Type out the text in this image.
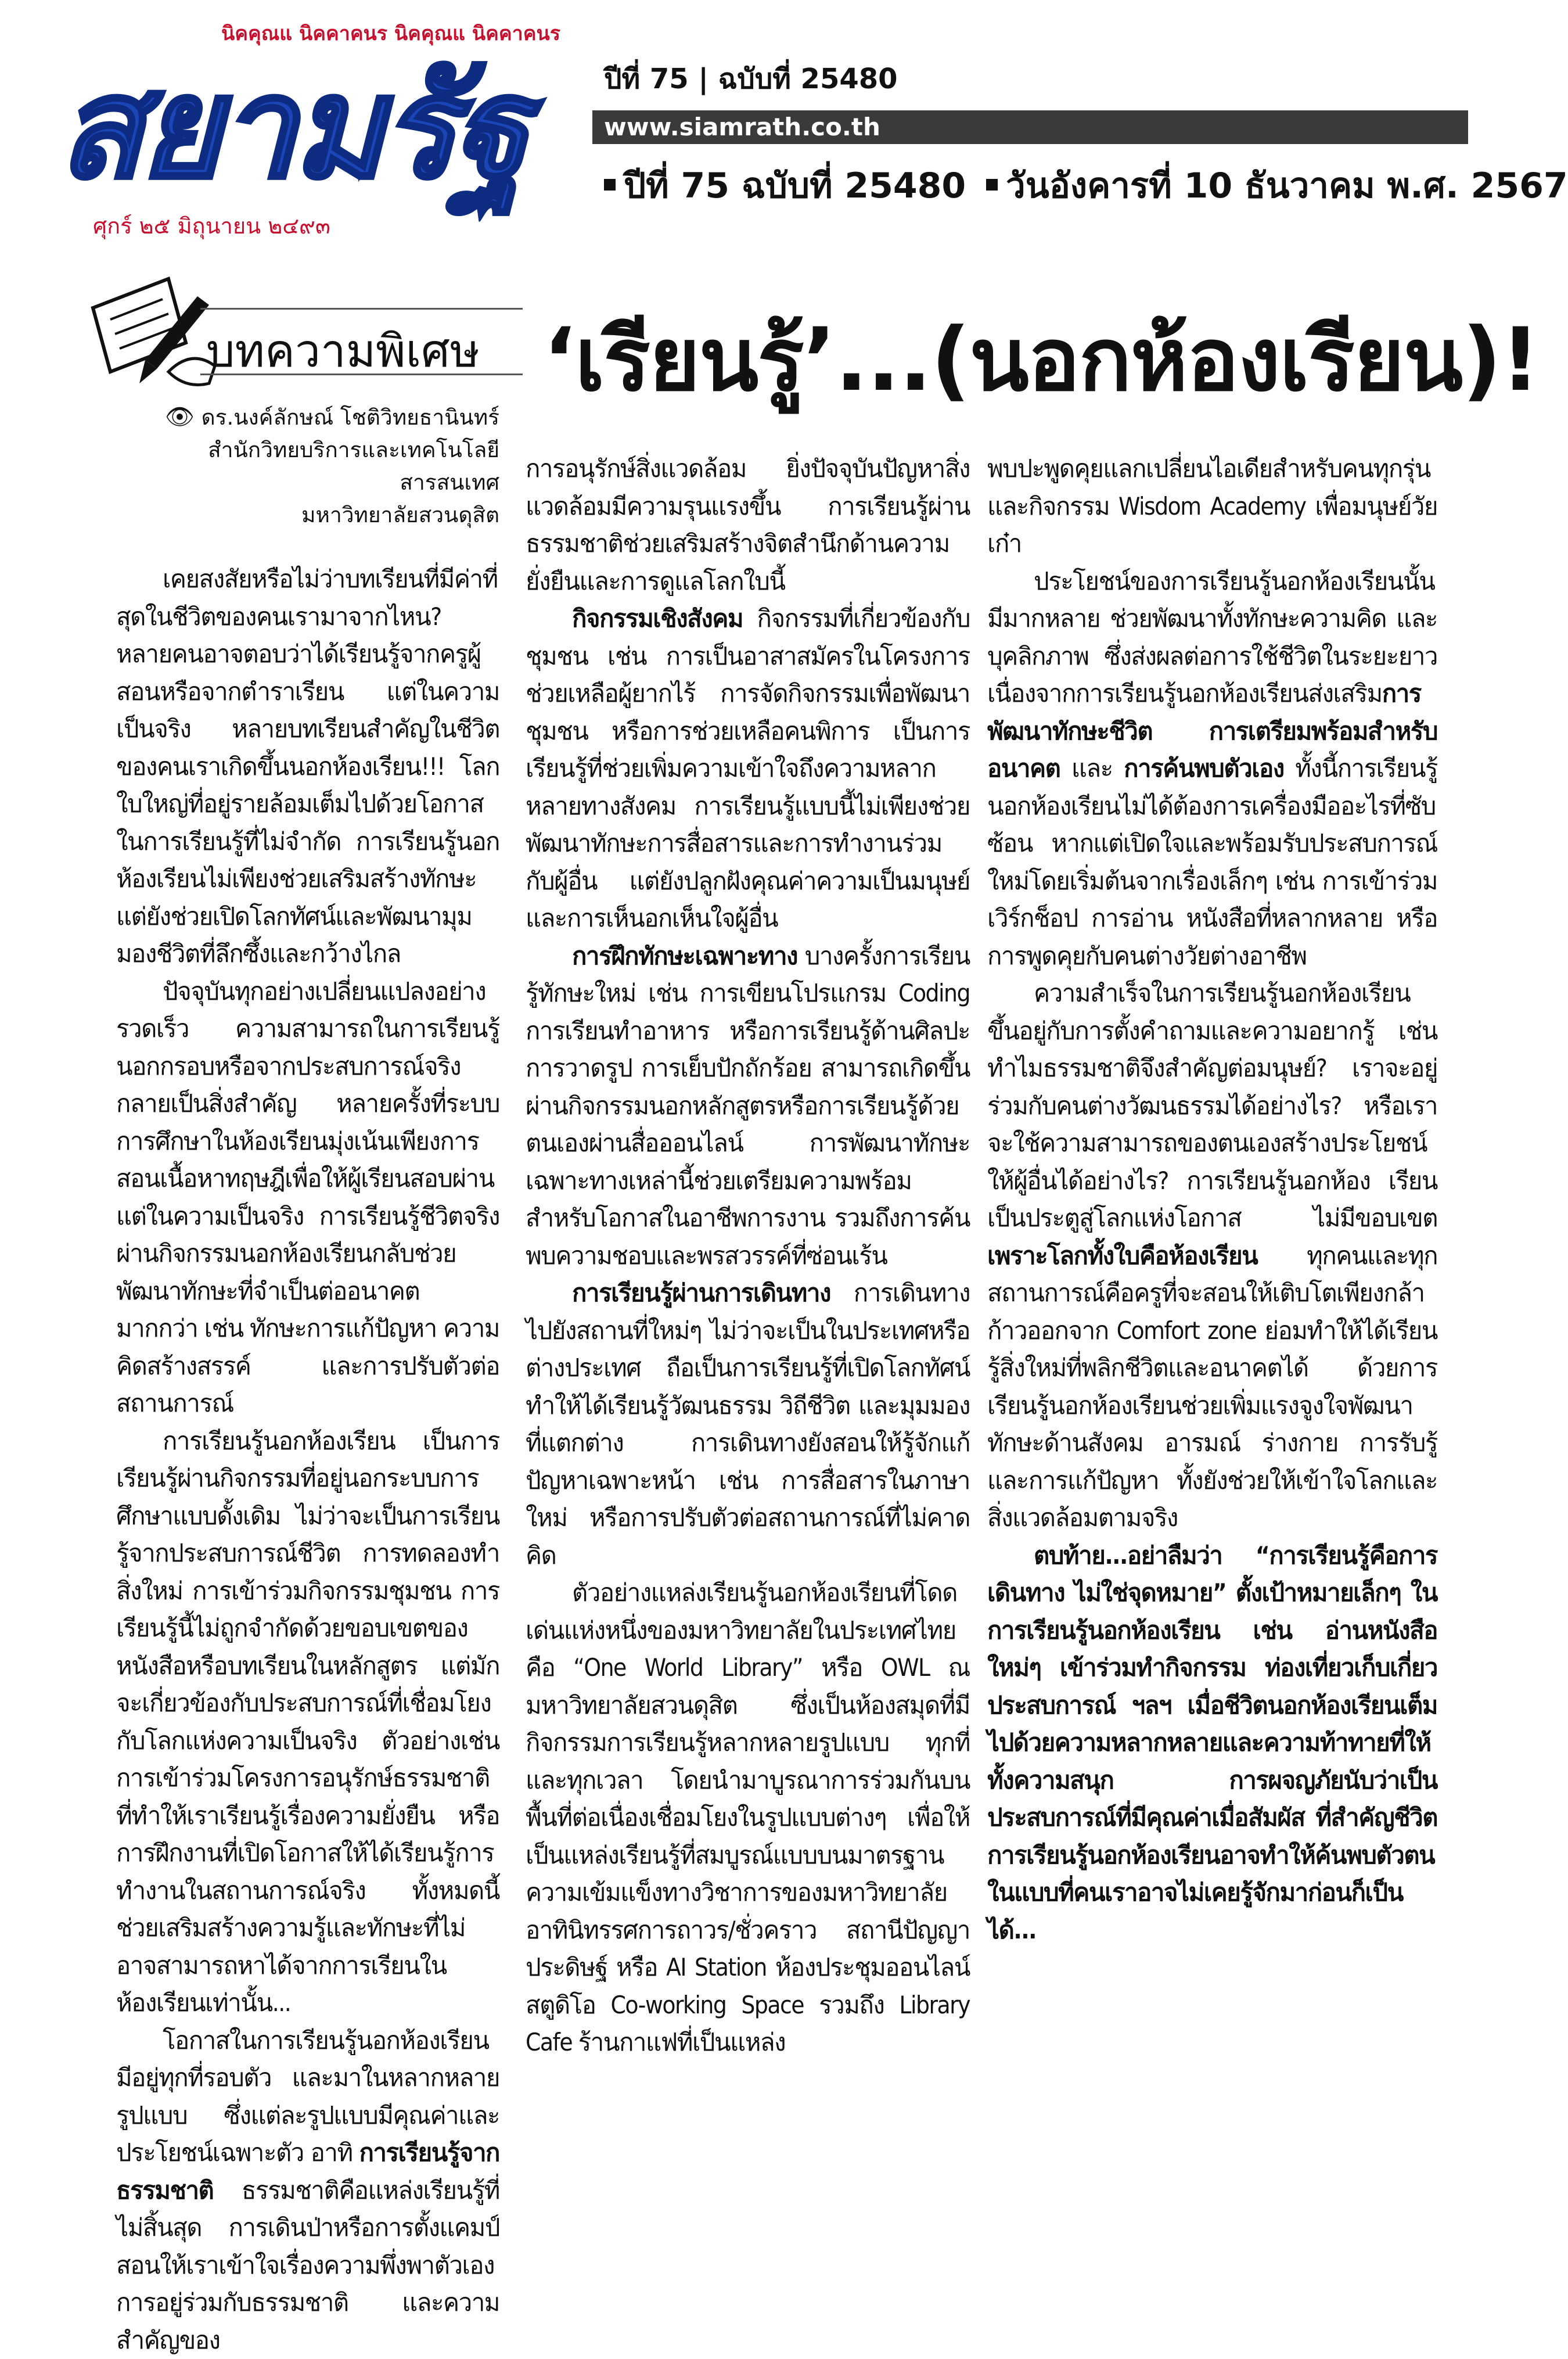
นิคคุณแ นิคคาคนร นิคคุณแ นิคคาคนร
สยามรัฐ
ศุกร์ ๒๕ มิถุนายน ๒๔๙๓
ปีที่ 75 | ฉบับที่ 25480
www.siamrath.co.th
ปีที่ 75 ฉบับที่ 25480 วันอังคารที่ 10 ธันวาคม พ.ศ. 2567
บทความพิเศษ ‘เรียนรู้’...(นอกห้องเรียน)!
👁 ดร.นงค์ลักษณ์ โชติวิทยธานินทร์
สำนักวิทยบริการและเทคโนโลยีสารสนเทศ
มหาวิทยาลัยสวนดุสิต

เคยสงสัยหรือไม่ว่าบทเรียนที่มีค่าที่สุดในชีวิตของคนเรามาจากไหน? หลายคนอาจตอบว่าได้เรียนรู้จากครูผู้สอนหรือจากตำราเรียน แต่ในความเป็นจริง หลายบทเรียนสำคัญในชีวิตของคนเราเกิดขึ้นนอกห้องเรียน!!! โลกใบใหญ่ที่อยู่รายล้อมเต็มไปด้วยโอกาสในการเรียนรู้ที่ไม่จำกัด การเรียนรู้นอกห้องเรียนไม่เพียงช่วยเสริมสร้างทักษะ แต่ยังช่วยเปิดโลกทัศน์และพัฒนามุมมองชีวิตที่ลึกซึ้งและกว้างไกล

ปัจจุบันทุกอย่างเปลี่ยนแปลงอย่างรวดเร็ว ความสามารถในการเรียนรู้นอกกรอบหรือจากประสบการณ์จริงกลายเป็นสิ่งสำคัญ หลายครั้งที่ระบบการศึกษาในห้องเรียนมุ่งเน้นเพียงการสอนเนื้อหาทฤษฎีเพื่อให้ผู้เรียนสอบผ่าน แต่ในความเป็นจริง การเรียนรู้ชีวิตจริงผ่านกิจกรรมนอกห้องเรียนกลับช่วยพัฒนาทักษะที่จำเป็นต่ออนาคตมากกว่า เช่น ทักษะการแก้ปัญหา ความคิดสร้างสรรค์ และการปรับตัวต่อสถานการณ์

การเรียนรู้นอกห้องเรียน เป็นการเรียนรู้ผ่านกิจกรรมที่อยู่นอกระบบการศึกษาแบบดั้งเดิม ไม่ว่าจะเป็นการเรียนรู้จากประสบการณ์ชีวิต การทดลองทำสิ่งใหม่ การเข้าร่วมกิจกรรมชุมชน การเรียนรู้นี้ไม่ถูกจำกัดด้วยขอบเขตของหนังสือหรือบทเรียนในหลักสูตร แต่มักจะเกี่ยวข้องกับประสบการณ์ที่เชื่อมโยงกับโลกแห่งความเป็นจริง ตัวอย่างเช่น การเข้าร่วมโครงการอนุรักษ์ธรรมชาติที่ทำให้เราเรียนรู้เรื่องความยั่งยืน หรือการฝึกงานที่เปิดโอกาสให้ได้เรียนรู้การทำงานในสถานการณ์จริง ทั้งหมดนี้ช่วยเสริมสร้างความรู้และทักษะที่ไม่อาจสามารถหาได้จากการเรียนในห้องเรียนเท่านั้น...

โอกาสในการเรียนรู้นอกห้องเรียนมีอยู่ทุกที่รอบตัว และมาในหลากหลายรูปแบบ ซึ่งแต่ละรูปแบบมีคุณค่าและประโยชน์เฉพาะตัว อาทิ การเรียนรู้จากธรรมชาติ ธรรมชาติคือแหล่งเรียนรู้ที่ไม่สิ้นสุด การเดินป่าหรือการตั้งแคมป์สอนให้เราเข้าใจเรื่องความพึ่งพาตัวเอง การอยู่ร่วมกับธรรมชาติ และความสำคัญของ

การอนุรักษ์สิ่งแวดล้อม ยิ่งปัจจุบันปัญหาสิ่งแวดล้อมมีความรุนแรงขึ้น การเรียนรู้ผ่านธรรมชาติช่วยเสริมสร้างจิตสำนึกด้านความยั่งยืนและการดูแลโลกใบนี้

กิจกรรมเชิงสังคม กิจกรรมที่เกี่ยวข้องกับชุมชน เช่น การเป็นอาสาสมัครในโครงการช่วยเหลือผู้ยากไร้ การจัดกิจกรรมเพื่อพัฒนาชุมชน หรือการช่วยเหลือคนพิการ เป็นการเรียนรู้ที่ช่วยเพิ่มความเข้าใจถึงความหลากหลายทางสังคม การเรียนรู้แบบนี้ไม่เพียงช่วยพัฒนาทักษะการสื่อสารและการทำงานร่วมกับผู้อื่น แต่ยังปลูกฝังคุณค่าความเป็นมนุษย์และการเห็นอกเห็นใจผู้อื่น

การฝึกทักษะเฉพาะทาง บางครั้งการเรียนรู้ทักษะใหม่ เช่น การเขียนโปรแกรม Coding การเรียนทำอาหาร หรือการเรียนรู้ด้านศิลปะ การวาดรูป การเย็บปักถักร้อย สามารถเกิดขึ้นผ่านกิจกรรมนอกหลักสูตรหรือการเรียนรู้ด้วยตนเองผ่านสื่อออนไลน์ การพัฒนาทักษะเฉพาะทางเหล่านี้ช่วยเตรียมความพร้อมสำหรับโอกาสในอาชีพการงาน รวมถึงการค้นพบความชอบและพรสวรรค์ที่ซ่อนเร้น

การเรียนรู้ผ่านการเดินทาง การเดินทางไปยังสถานที่ใหม่ๆ ไม่ว่าจะเป็นในประเทศหรือต่างประเทศ ถือเป็นการเรียนรู้ที่เปิดโลกทัศน์ ทำให้ได้เรียนรู้วัฒนธรรม วิถีชีวิต และมุมมองที่แตกต่าง การเดินทางยังสอนให้รู้จักแก้ปัญหาเฉพาะหน้า เช่น การสื่อสารในภาษาใหม่ หรือการปรับตัวต่อสถานการณ์ที่ไม่คาดคิด

ตัวอย่างแหล่งเรียนรู้นอกห้องเรียนที่โดดเด่นแห่งหนึ่งของมหาวิทยาลัยในประเทศไทย คือ “One World Library” หรือ OWL ณ มหาวิทยาลัยสวนดุสิต ซึ่งเป็นห้องสมุดที่มีกิจกรรมการเรียนรู้หลากหลายรูปแบบ ทุกที่และทุกเวลา โดยนำมาบูรณาการร่วมกันบนพื้นที่ต่อเนื่องเชื่อมโยงในรูปแบบต่างๆ เพื่อให้เป็นแหล่งเรียนรู้ที่สมบูรณ์แบบบนมาตรฐานความเข้มแข็งทางวิชาการของมหาวิทยาลัย อาทินิทรรศการถาวร/ชั่วคราว สถานีปัญญาประดิษฐ์ หรือ AI Station ห้องประชุมออนไลน์ สตูดิโอ Co-working Space รวมถึง Library Cafe ร้านกาแฟที่เป็นแหล่ง

พบปะพูดคุยแลกเปลี่ยนไอเดียสำหรับคนทุกรุ่น และกิจกรรม Wisdom Academy เพื่อมนุษย์วัยเก๋า

ประโยชน์ของการเรียนรู้นอกห้องเรียนนั้นมีมากหลาย ช่วยพัฒนาทั้งทักษะความคิด และบุคลิกภาพ ซึ่งส่งผลต่อการใช้ชีวิตในระยะยาว เนื่องจากการเรียนรู้นอกห้องเรียนส่งเสริมการพัฒนาทักษะชีวิต การเตรียมพร้อมสำหรับอนาคต และ การค้นพบตัวเอง ทั้งนี้การเรียนรู้นอกห้องเรียนไม่ได้ต้องการเครื่องมืออะไรที่ซับซ้อน หากแต่เปิดใจและพร้อมรับประสบการณ์ใหม่โดยเริ่มต้นจากเรื่องเล็กๆ เช่น การเข้าร่วมเวิร์กช็อป การอ่าน หนังสือที่หลากหลาย หรือการพูดคุยกับคนต่างวัยต่างอาชีพ

ความสำเร็จในการเรียนรู้นอกห้องเรียนขึ้นอยู่กับการตั้งคำถามและความอยากรู้ เช่น ทำไมธรรมชาติจึงสำคัญต่อมนุษย์? เราจะอยู่ร่วมกับคนต่างวัฒนธรรมได้อย่างไร? หรือเราจะใช้ความสามารถของตนเองสร้างประโยชน์ให้ผู้อื่นได้อย่างไร? การเรียนรู้นอกห้อง เรียนเป็นประตูสู่โลกแห่งโอกาส ไม่มีขอบเขต เพราะโลกทั้งใบคือห้องเรียน ทุกคนและทุกสถานการณ์คือครูที่จะสอนให้เติบโตเพียงกล้าก้าวออกจาก Comfort zone ย่อมทำให้ได้เรียนรู้สิ่งใหม่ที่พลิกชีวิตและอนาคตได้ ด้วยการเรียนรู้นอกห้องเรียนช่วยเพิ่มแรงจูงใจพัฒนาทักษะด้านสังคม อารมณ์ ร่างกาย การรับรู้ และการแก้ปัญหา ทั้งยังช่วยให้เข้าใจโลกและสิ่งแวดล้อมตามจริง

ตบท้าย...อย่าลืมว่า “การเรียนรู้คือการเดินทาง ไม่ใช่จุดหมาย” ตั้งเป้าหมายเล็กๆ ในการเรียนรู้นอกห้องเรียน เช่น อ่านหนังสือใหม่ๆ เข้าร่วมทำกิจกรรม ท่องเที่ยวเก็บเกี่ยวประสบการณ์ ฯลฯ เมื่อชีวิตนอกห้องเรียนเต็มไปด้วยความหลากหลายและความท้าทายที่ให้ทั้งความสนุก การผจญภัยนับว่าเป็นประสบการณ์ที่มีคุณค่าเมื่อสัมผัส ที่สำคัญชีวิตการเรียนรู้นอกห้องเรียนอาจทำให้ค้นพบตัวตนในแบบที่คนเราอาจไม่เคยรู้จักมาก่อนก็เป็นได้...
